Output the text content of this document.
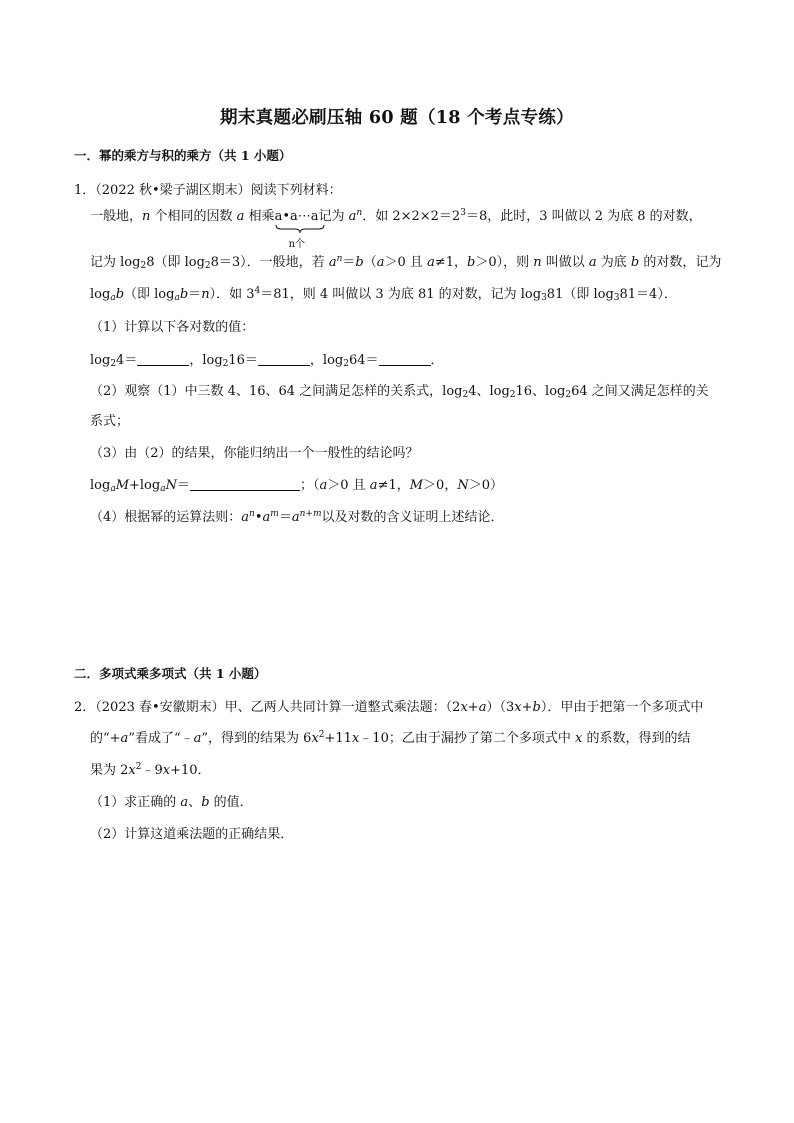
期末真题必刷压轴 60 题（18 个考点专练）
一．幂的乘方与积的乘方（共 1 小题）
1．（2022 秋•梁子湖区期末）阅读下列材料：
一般地，n 个相同的因数 a 相乘a•a⋯a
n个
记为 $a^n$．如 $2\times 2\times 2=2^3=8$，此时，3 叫做以 2 为底 8 的对数，
记为 $\log_28$（即 $\log_28=3$）．一般地，若 $a^n=b(a>0$ 且 a≠1，b＞0），则 n 叫做以 a 为底 b 的对数，记为
$\log_ab$（即 $\log_ab=n$）．如 $3^4=81$，则 4 叫做以 3 为底 81 的对数，记为 $\log_381$（即 $\log_381=4$）．
（1）计算以下各对数的值：
$\log_24=$	，$\log_216=$	，$\log_264=$	．
（2）观察（1）中三数 4、16、64 之间满足怎样的关系式，$\log_24$、$\log_216$、$\log_264$ 之间又满足怎样的关
系式；
（3）由（2）的结果，你能归纳出一个一般性的结论吗？
$\log_aM+\log_aN=$	；（a＞0 且 a≠1，M＞0，N＞0）
（4）根据幂的运算法则：$a^n•a^m=a^{n+m}$以及对数的含义证明上述结论．
二．多项式乘多项式（共 1 小题）
2．（2023 春•安徽期末）甲、乙两人共同计算一道整式乘法题：（2x+a）（3x+b）．甲由于把第一个多项式中
的“+a”看成了“﹣a”，得到的结果为 $6x^2+11x﹣10$；乙由于漏抄了第二个多项式中 x 的系数，得到的结
果为 $2x^2﹣9x+10$．
（1）求正确的 a、b 的值．
（2）计算这道乘法题的正确结果．
